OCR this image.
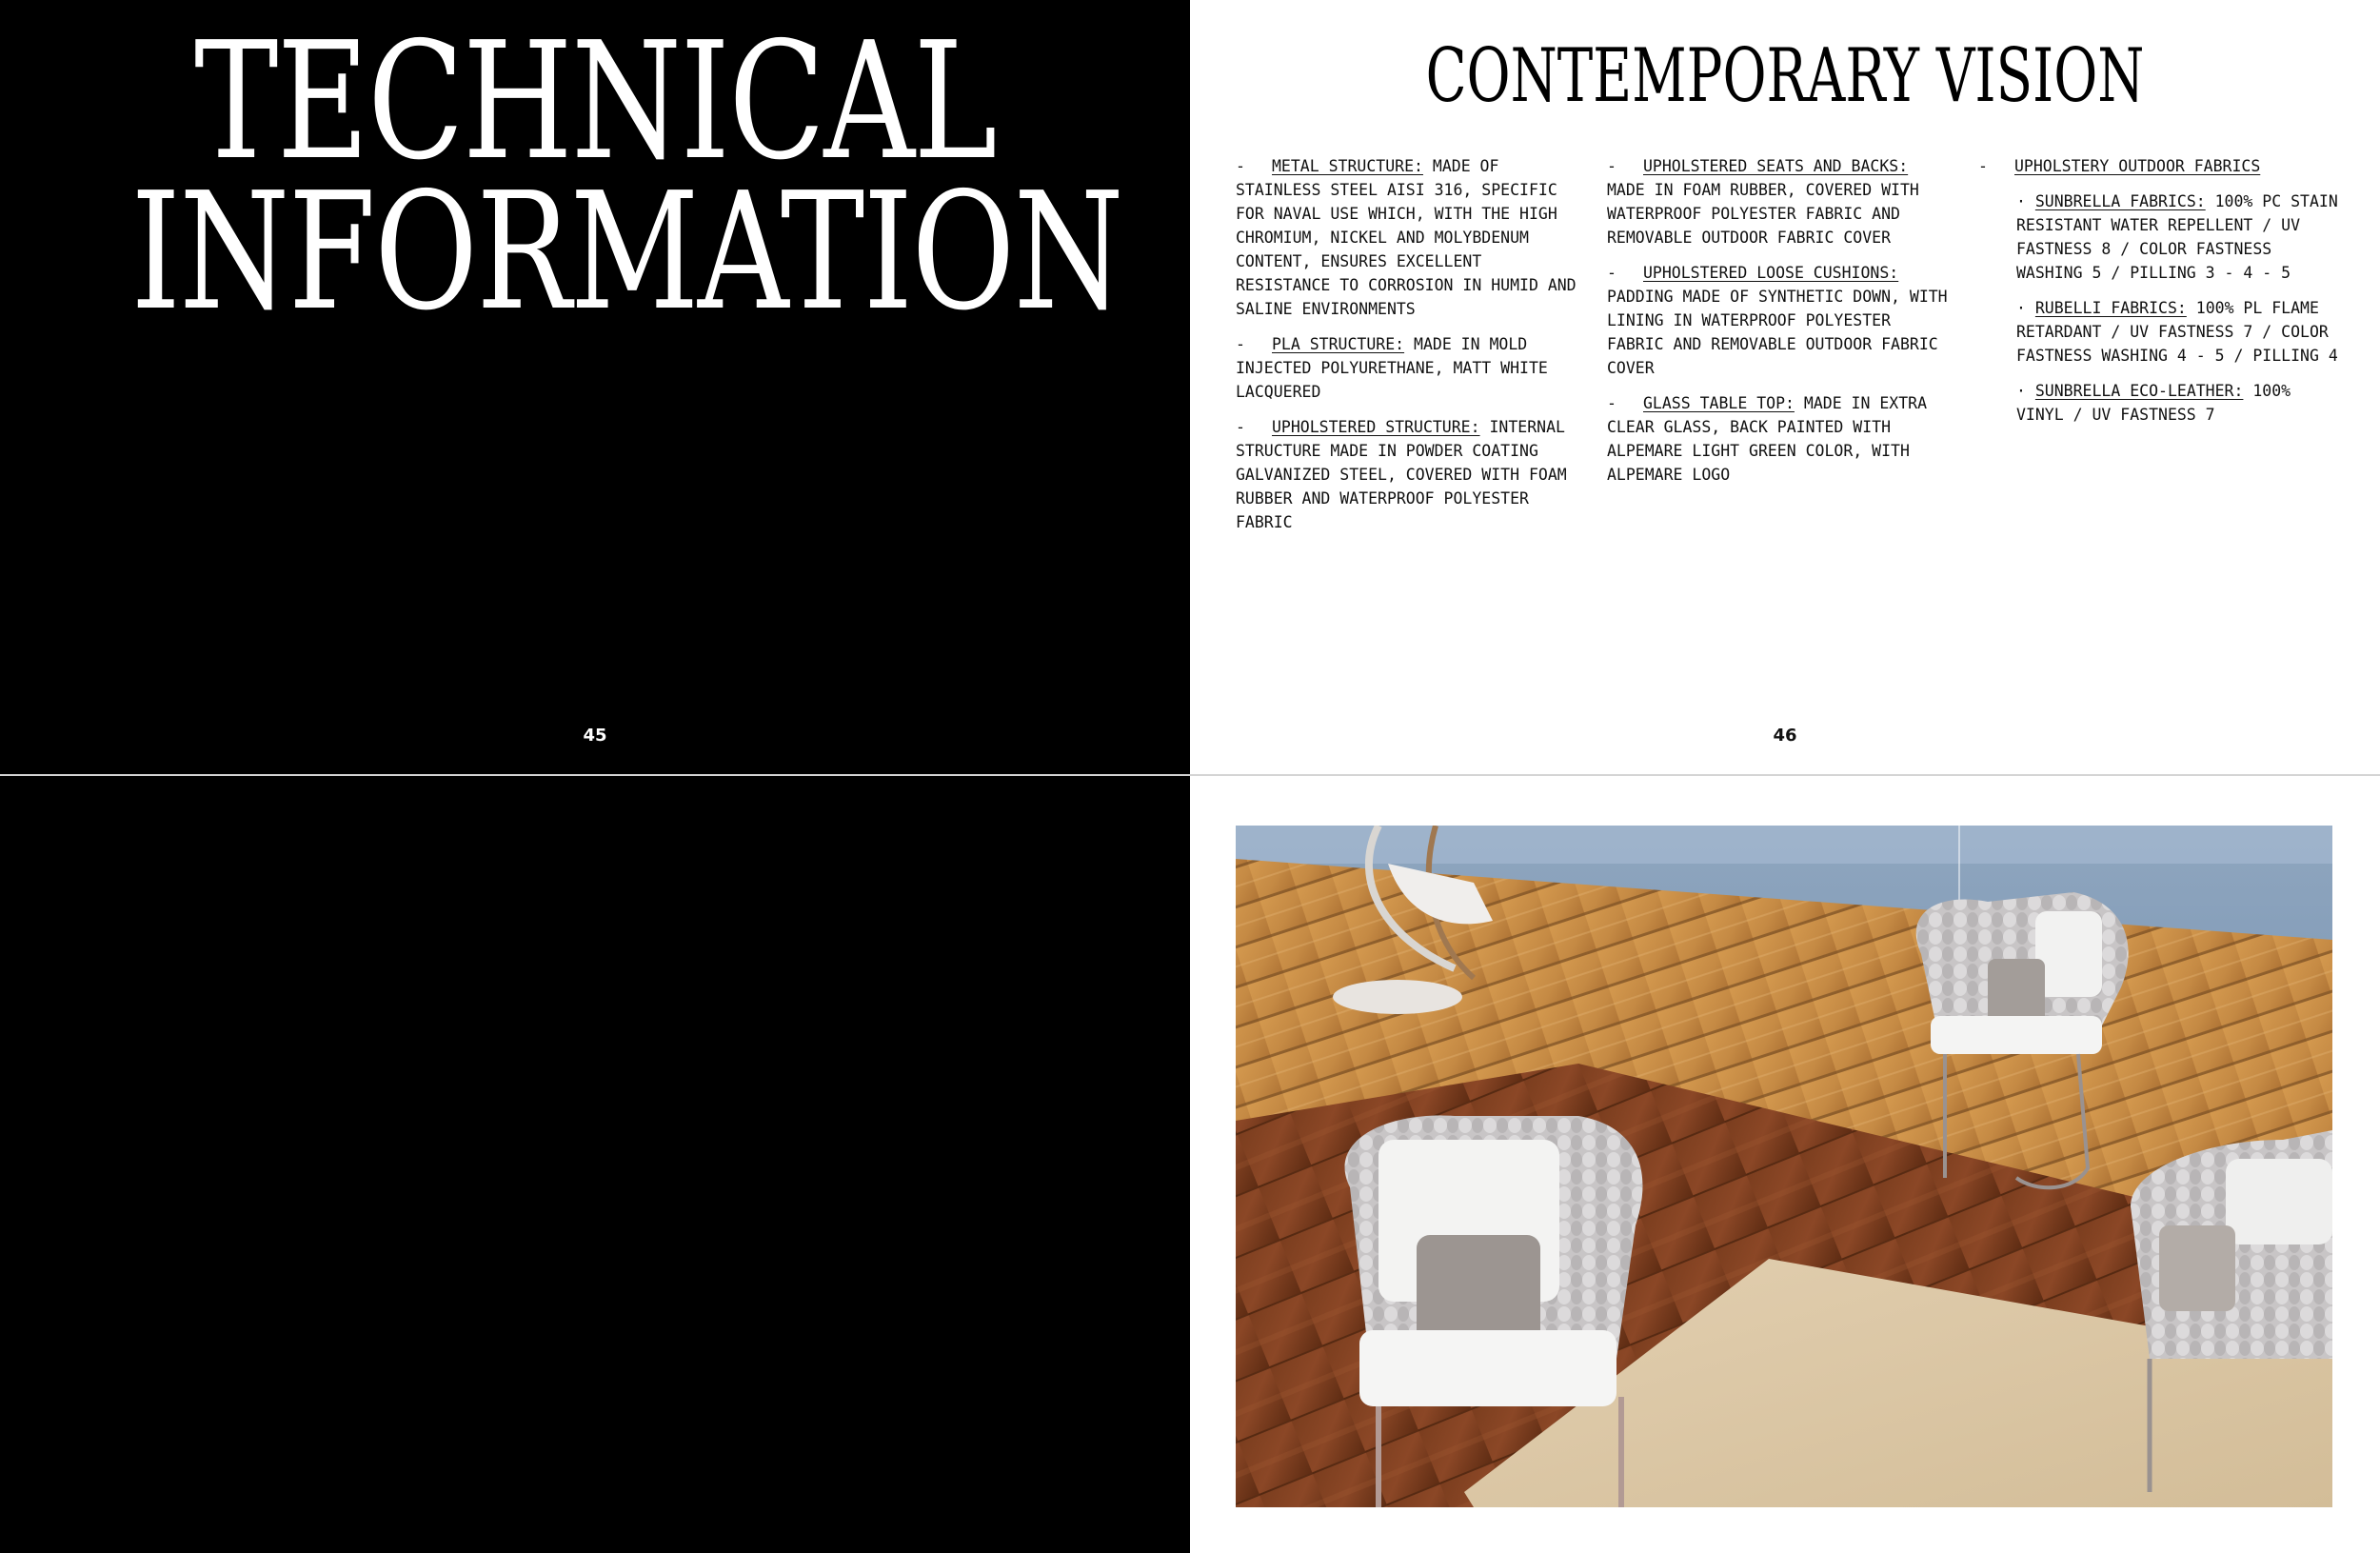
TECHNICAL
INFORMATION
45
CONTEMPORARY VISION

- METAL STRUCTURE: MADE OF STAINLESS STEEL AISI 316, SPECIFIC FOR NAVAL USE WHICH, WITH THE HIGH CHROMIUM, NICKEL AND MOLYBDENUM CONTENT, ENSURES EXCELLENT RESISTANCE TO CORROSION IN HUMID AND SALINE ENVIRONMENTS

- PLA STRUCTURE: MADE IN MOLD INJECTED POLYURETHANE, MATT WHITE LACQUERED

- UPHOLSTERED STRUCTURE: INTERNAL STRUCTURE MADE IN POWDER COATING GALVANIZED STEEL, COVERED WITH FOAM RUBBER AND WATERPROOF POLYESTER FABRIC

- UPHOLSTERED SEATS AND BACKS: MADE IN FOAM RUBBER, COVERED WITH WATERPROOF POLYESTER FABRIC AND REMOVABLE OUTDOOR FABRIC COVER

- UPHOLSTERED LOOSE CUSHIONS: PADDING MADE OF SYNTHETIC DOWN, WITH LINING IN WATERPROOF POLYESTER FABRIC AND REMOVABLE OUTDOOR FABRIC COVER

- GLASS TABLE TOP: MADE IN EXTRA CLEAR GLASS, BACK PAINTED WITH ALPEMARE LIGHT GREEN COLOR, WITH ALPEMARE LOGO

- UPHOLSTERY OUTDOOR FABRICS

· SUNBRELLA FABRICS: 100% PC STAIN RESISTANT WATER REPELLENT / UV FASTNESS 8 / COLOR FASTNESS WASHING 5 / PILLING 3 - 4 - 5

· RUBELLI FABRICS: 100% PL FLAME RETARDANT / UV FASTNESS 7 / COLOR FASTNESS WASHING 4 - 5 / PILLING 4

· SUNBRELLA ECO-LEATHER: 100% VINYL / UV FASTNESS 7

46
